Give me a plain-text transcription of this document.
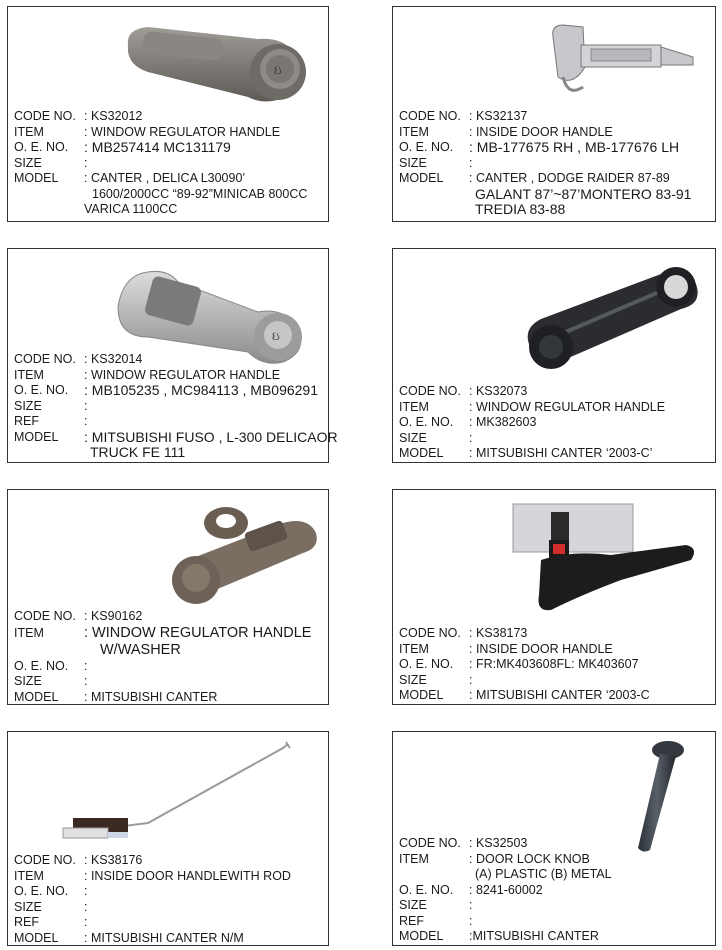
ઇ
CODE NO. : KS32012
ITEM	: WINDOW REGULATOR HANDLE
O. E. NO.	: MB257414 MC131179
SIZE	:
MODEL	: CANTER , DELICA L30090’
1600/2000CC “89-92”MINICAB 800CC
VARICA 1100CC
CODE NO. : KS32137
ITEM	: INSIDE DOOR HANDLE
O. E. NO.	: MB-177675 RH , MB-177676 LH
SIZE	:
MODEL	: CANTER , DODGE RAIDER 87-89
GALANT 87’~87’MONTERO 83-91
TREDIA 83-88
ઇ
CODE NO. : KS32014
ITEM	: WINDOW REGULATOR HANDLE
O. E. NO.	: MB105235 , MC984113 , MB096291
SIZE	:
REF	:
MODEL	: MITSUBISHI FUSO , L-300 DELICAOR
TRUCK FE 111
CODE NO. : KS32073
ITEM	: WINDOW REGULATOR HANDLE
O. E. NO.	: MK382603
SIZE	:
MODEL	: MITSUBISHI CANTER ‘2003-C’
CODE NO. : KS90162
ITEM	: WINDOW REGULATOR HANDLE
W/WASHER
O. E. NO.	:
SIZE	:
MODEL	: MITSUBISHI CANTER
CODE NO. : KS38173
ITEM	: INSIDE DOOR HANDLE
O. E. NO.	: FR:MK403608FL: MK403607
SIZE	:
MODEL	: MITSUBISHI CANTER ‘2003-C
CODE NO. : KS38176
ITEM	: INSIDE DOOR HANDLEWITH ROD
O. E. NO.	:
SIZE	:
REF	:
MODEL	: MITSUBISHI CANTER N/M
CODE NO. : KS32503
ITEM	: DOOR LOCK KNOB
(A) PLASTIC (B) METAL
O. E. NO.	: 8241-60002
SIZE	:
REF	:
MODEL	:MITSUBISHI CANTER
